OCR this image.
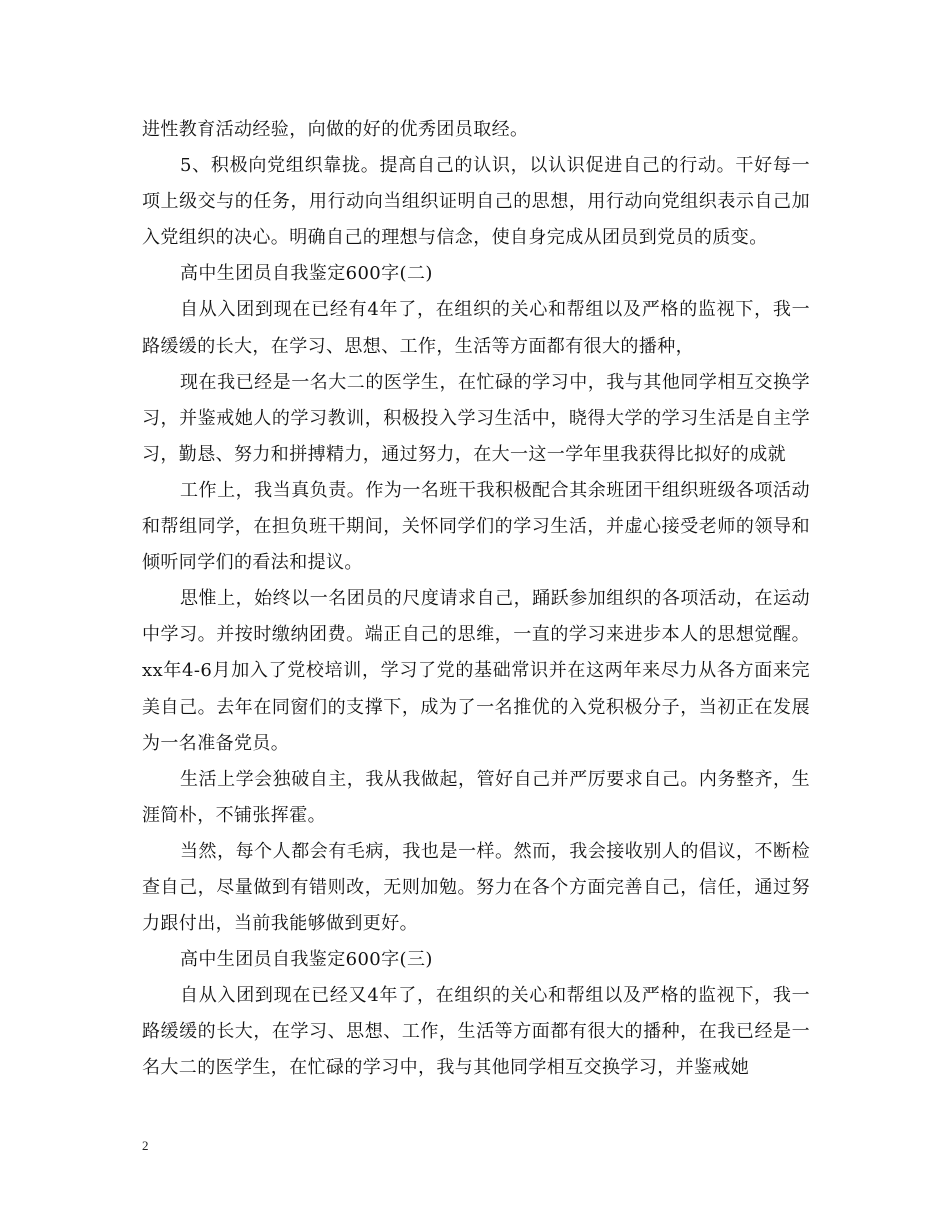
进性教育活动经验，向做的好的优秀团员取经。

5、积极向党组织靠拢。提高自己的认识，以认识促进自己的行动。干好每一项上级交与的任务，用行动向当组织证明自己的思想，用行动向党组织表示自己加入党组织的决心。明确自己的理想与信念，使自身完成从团员到党员的质变。

高中生团员自我鉴定600字(二)

自从入团到现在已经有4年了，在组织的关心和帮组以及严格的监视下，我一路缓缓的长大，在学习、思想、工作，生活等方面都有很大的播种，

现在我已经是一名大二的医学生，在忙碌的学习中，我与其他同学相互交换学习，并鉴戒她人的学习教训，积极投入学习生活中，晓得大学的学习生活是自主学习，勤恳、努力和拼搏精力，通过努力，在大一这一学年里我获得比拟好的成就

工作上，我当真负责。作为一名班干我积极配合其余班团干组织班级各项活动和帮组同学，在担负班干期间，关怀同学们的学习生活，并虚心接受老师的领导和倾听同学们的看法和提议。

思惟上，始终以一名团员的尺度请求自己，踊跃参加组织的各项活动，在运动中学习。并按时缴纳团费。端正自己的思维，一直的学习来进步本人的思想觉醒。 xx年4-6月加入了党校培训，学习了党的基础常识并在这两年来尽力从各方面来完美自己。去年在同窗们的支撑下，成为了一名推优的入党积极分子，当初正在发展为一名准备党员。

生活上学会独破自主，我从我做起，管好自己并严厉要求自己。内务整齐，生涯简朴，不铺张挥霍。

当然，每个人都会有毛病，我也是一样。然而，我会接收别人的倡议，不断检查自己，尽量做到有错则改，无则加勉。努力在各个方面完善自己，信任，通过努力跟付出，当前我能够做到更好。

高中生团员自我鉴定600字(三)

自从入团到现在已经又4年了，在组织的关心和帮组以及严格的监视下，我一路缓缓的长大，在学习、思想、工作，生活等方面都有很大的播种，在我已经是一名大二的医学生，在忙碌的学习中，我与其他同学相互交换学习，并鉴戒她

2
